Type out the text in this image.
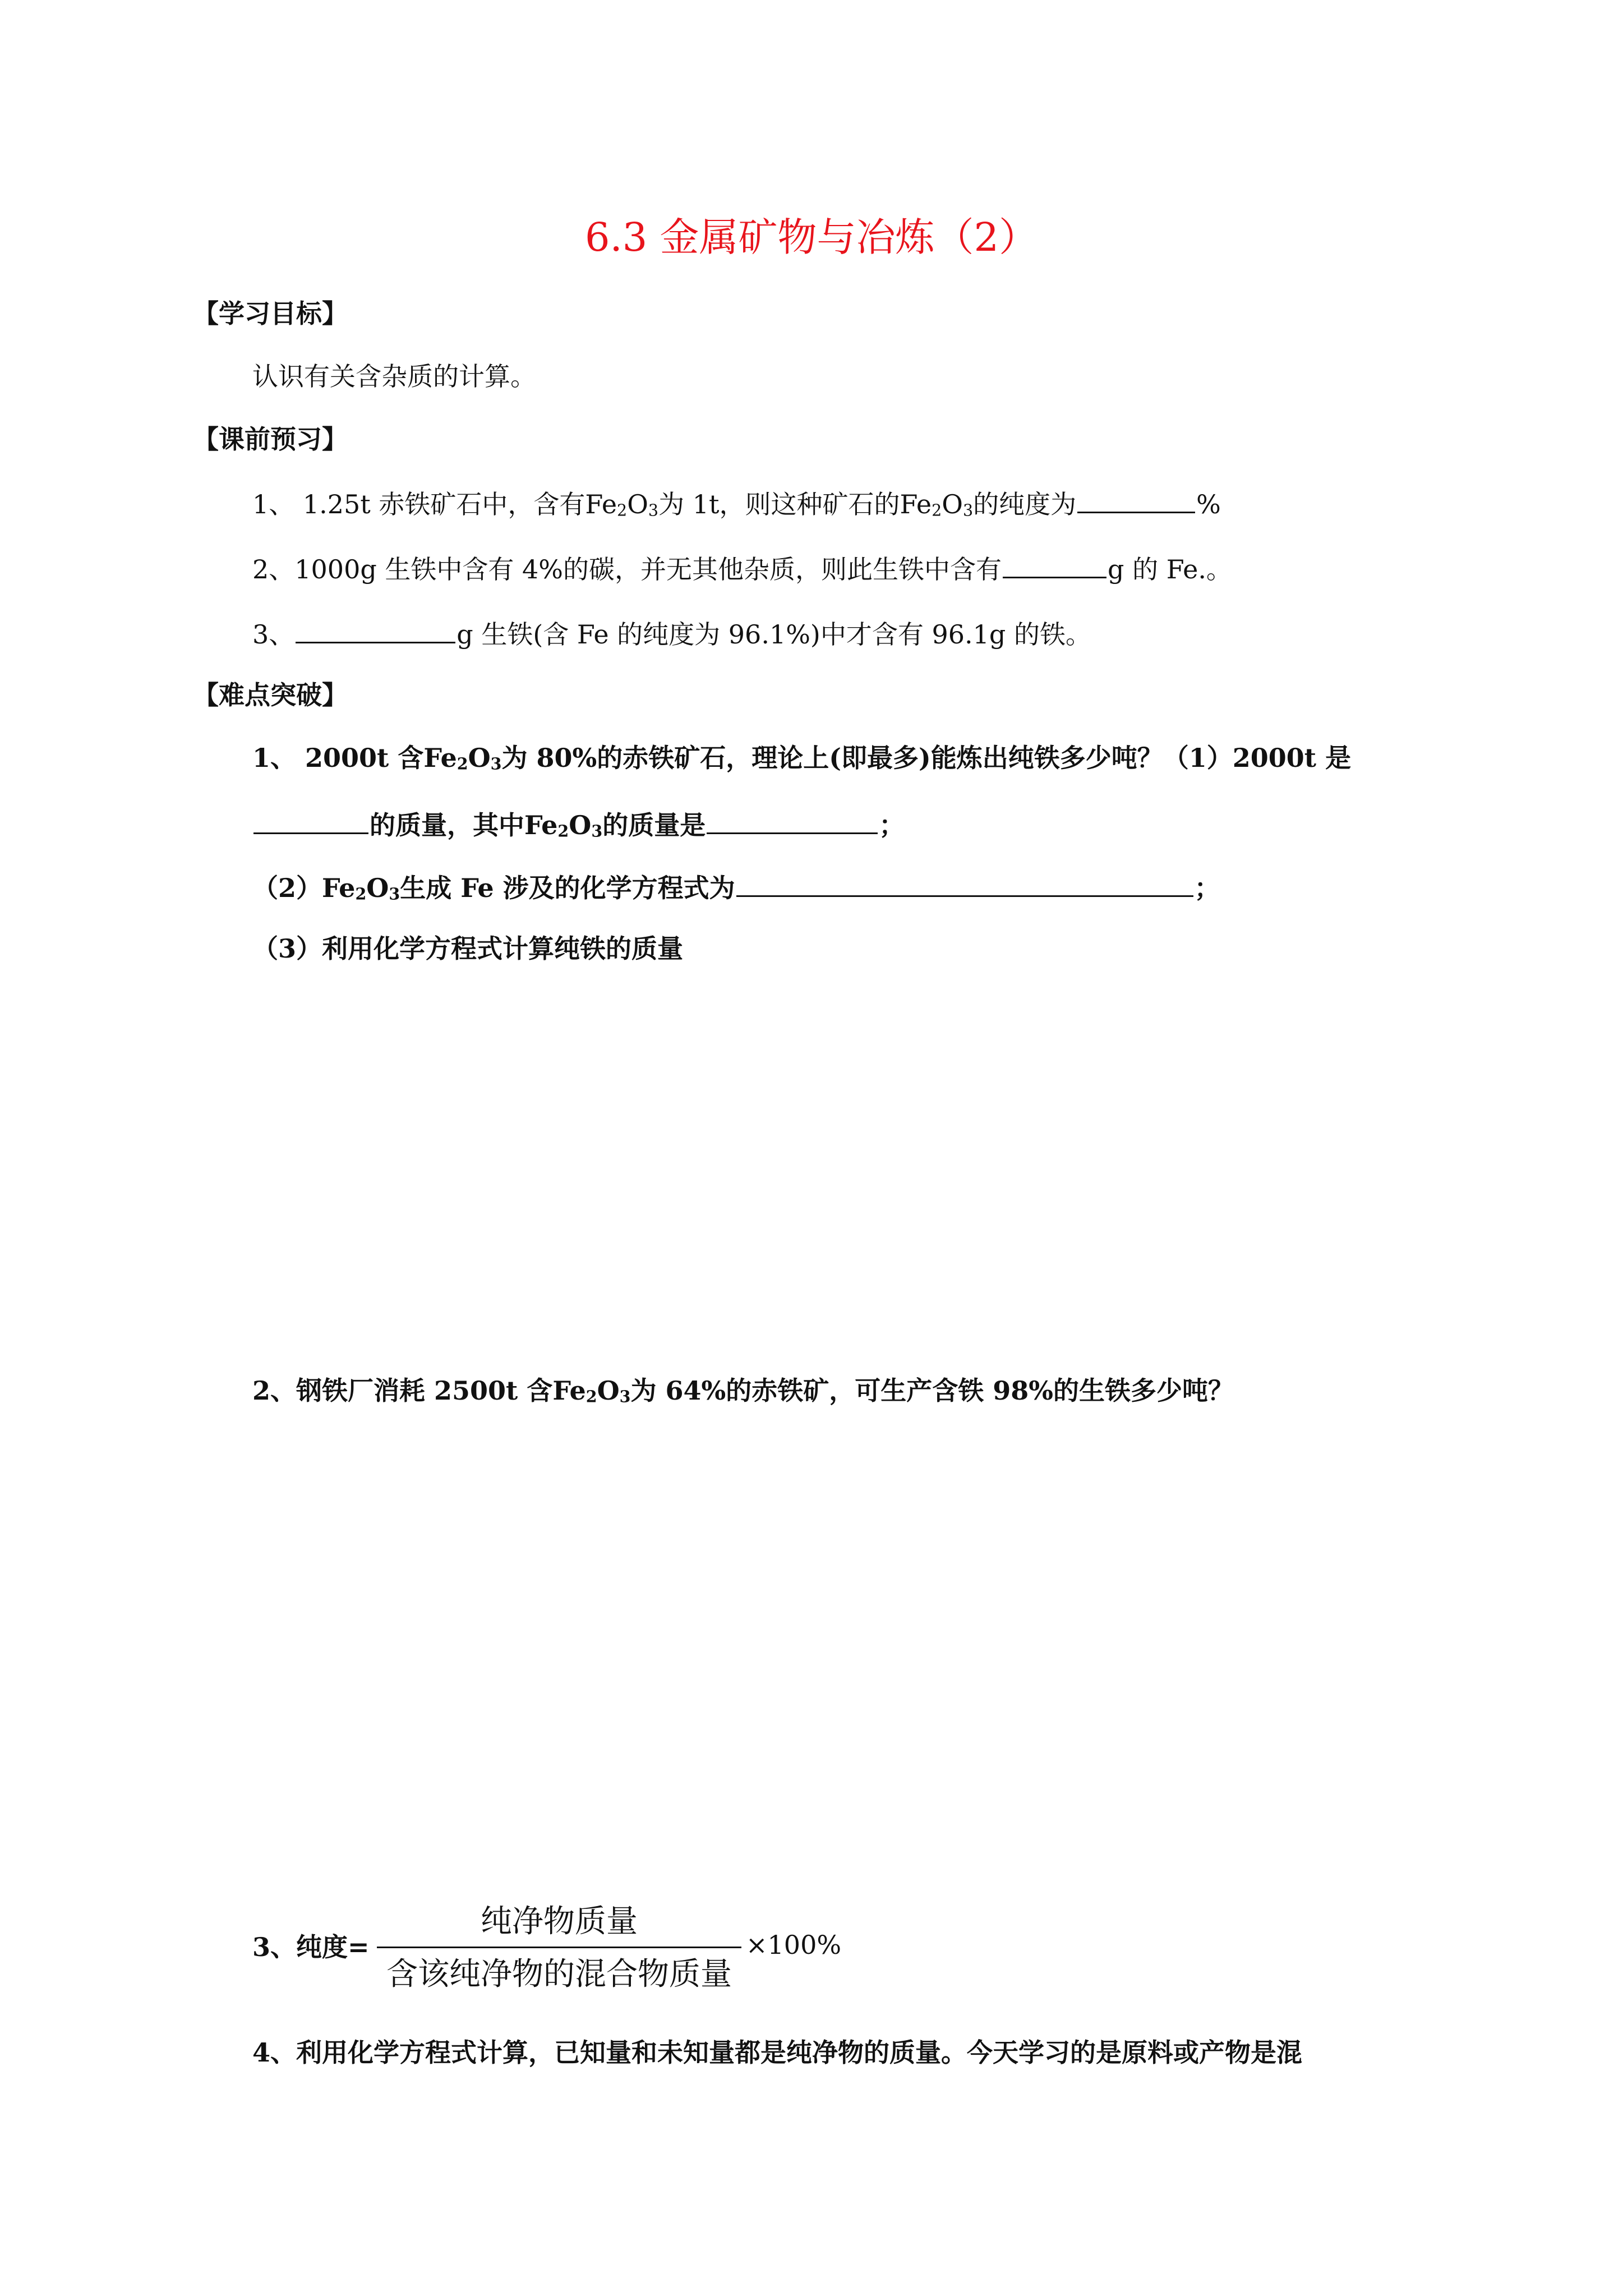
6.3 金属矿物与冶炼（2）
【学习目标】
认识有关含杂质的计算。
【课前预习】
1、 1.25t 赤铁矿石中，含有$Fe_2O_3$为 1t，则这种矿石的$Fe_2O_3$的纯度为	%
2、1000g 生铁中含有 4%的碳，并无其他杂质，则此生铁中含有	g 的 Fe.。
3、	g 生铁(含 Fe 的纯度为 96.1%)中才含有 96.1g 的铁。
【难点突破】
1、 2000t 含$Fe_2O_3$为 80%的赤铁矿石，理论上(即最多)能炼出纯铁多少吨？（1）2000t 是
的质量，其中$Fe_2O_3$的质量是	；
$(2)Fe_2O_3$生成 Fe 涉及的化学方程式为	；
（3）利用化学方程式计算纯铁的质量
2、钢铁厂消耗 2500t 含$Fe_2O_3$为 64%的赤铁矿，可生产含铁 98%的生铁多少吨？
3、纯度=
纯净物质量
含该纯净物的混合物质量
×100%
4、利用化学方程式计算，已知量和未知量都是纯净物的质量。今天学习的是原料或产物是混
